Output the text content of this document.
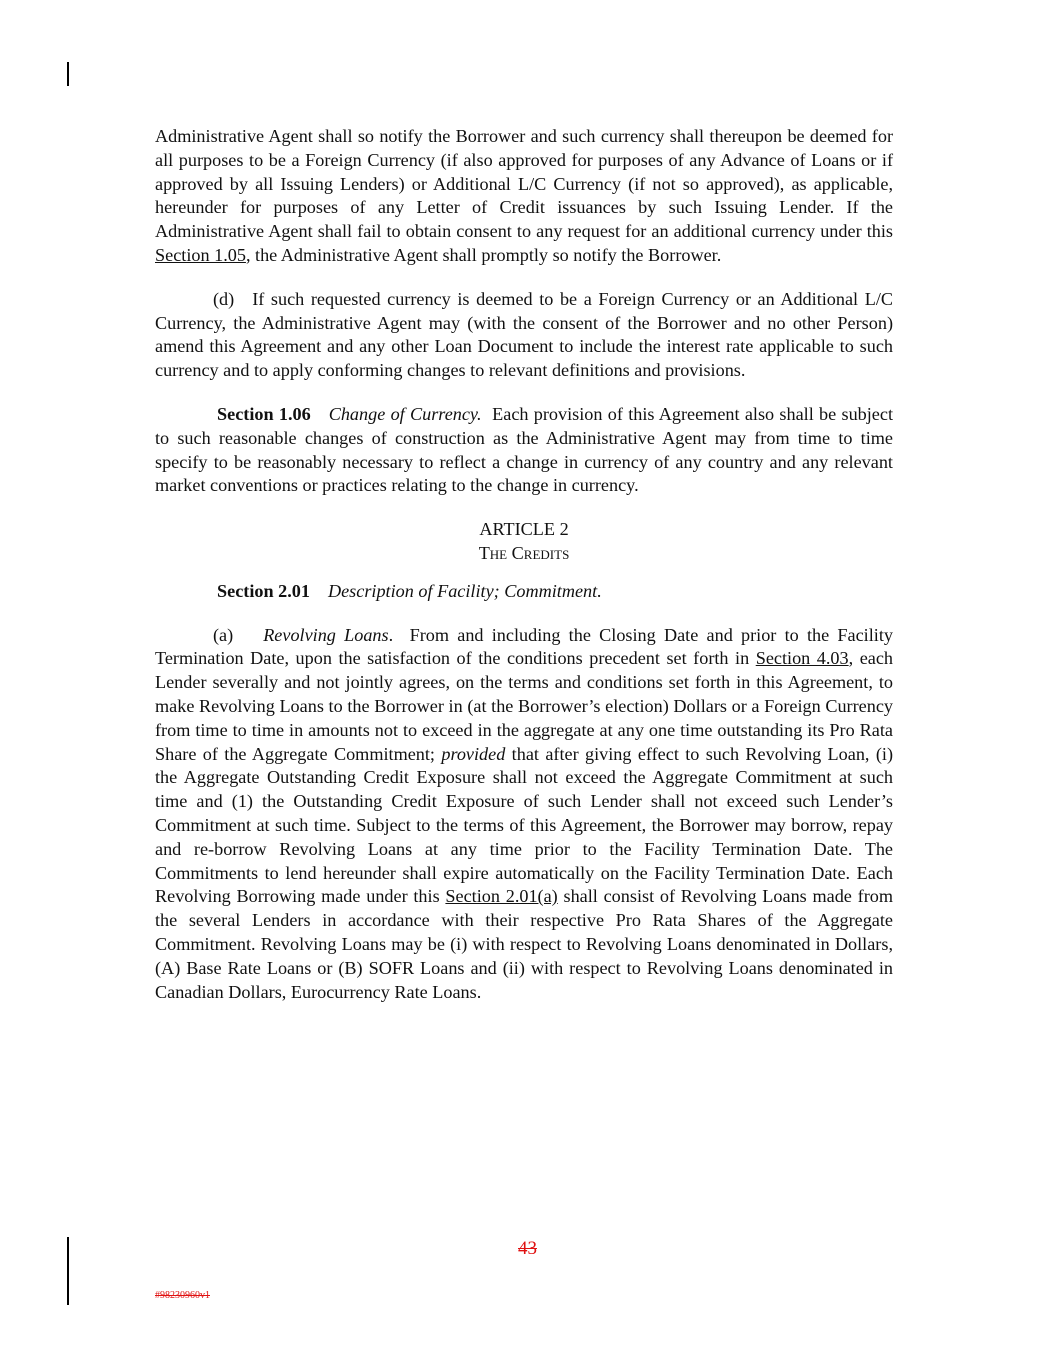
Administrative Agent shall so notify the Borrower and such currency shall thereupon be deemed for all purposes to be a Foreign Currency (if also approved for purposes of any Advance of Loans or if approved by all Issuing Lenders) or Additional L/C Currency (if not so approved), as applicable, hereunder for purposes of any Letter of Credit issuances by such Issuing Lender. If the Administrative Agent shall fail to obtain consent to any request for an additional currency under this Section 1.05, the Administrative Agent shall promptly so notify the Borrower.

(d) If such requested currency is deemed to be a Foreign Currency or an Additional L/C Currency, the Administrative Agent may (with the consent of the Borrower and no other Person) amend this Agreement and any other Loan Document to include the interest rate applicable to such currency and to apply conforming changes to relevant definitions and provisions.

Section 1.06 Change of Currency. Each provision of this Agreement also shall be subject to such reasonable changes of construction as the Administrative Agent may from time to time specify to be reasonably necessary to reflect a change in currency of any country and any relevant market conventions or practices relating to the change in currency.

ARTICLE 2

The Credits

Section 2.01 Description of Facility; Commitment.

(a) Revolving Loans.  From and including the Closing Date and prior to the Facility Termination Date, upon the satisfaction of the conditions precedent set forth in Section 4.03, each Lender severally and not jointly agrees, on the terms and conditions set forth in this Agreement, to make Revolving Loans to the Borrower in (at the Borrower’s election) Dollars or a Foreign Currency from time to time in amounts not to exceed in the aggregate at any one time outstanding its Pro Rata Share of the Aggregate Commitment; provided that after giving effect to such Revolving Loan, (i) the Aggregate Outstanding Credit Exposure shall not exceed the Aggregate Commitment at such time and (1) the Outstanding Credit Exposure of such Lender shall not exceed such Lender’s Commitment at such time. Subject to the terms of this Agreement, the Borrower may borrow, repay and re-borrow Revolving Loans at any time prior to the Facility Termination Date. The Commitments to lend hereunder shall expire automatically on the Facility Termination Date. Each Revolving Borrowing made under this Section 2.01(a) shall consist of Revolving Loans made from the several Lenders in accordance with their respective Pro Rata Shares of the Aggregate Commitment. Revolving Loans may be (i) with respect to Revolving Loans denominated in Dollars, (A) Base Rate Loans or (B) SOFR Loans and (ii) with respect to Revolving Loans denominated in Canadian Dollars, Eurocurrency Rate Loans.

43
#98230960v1
